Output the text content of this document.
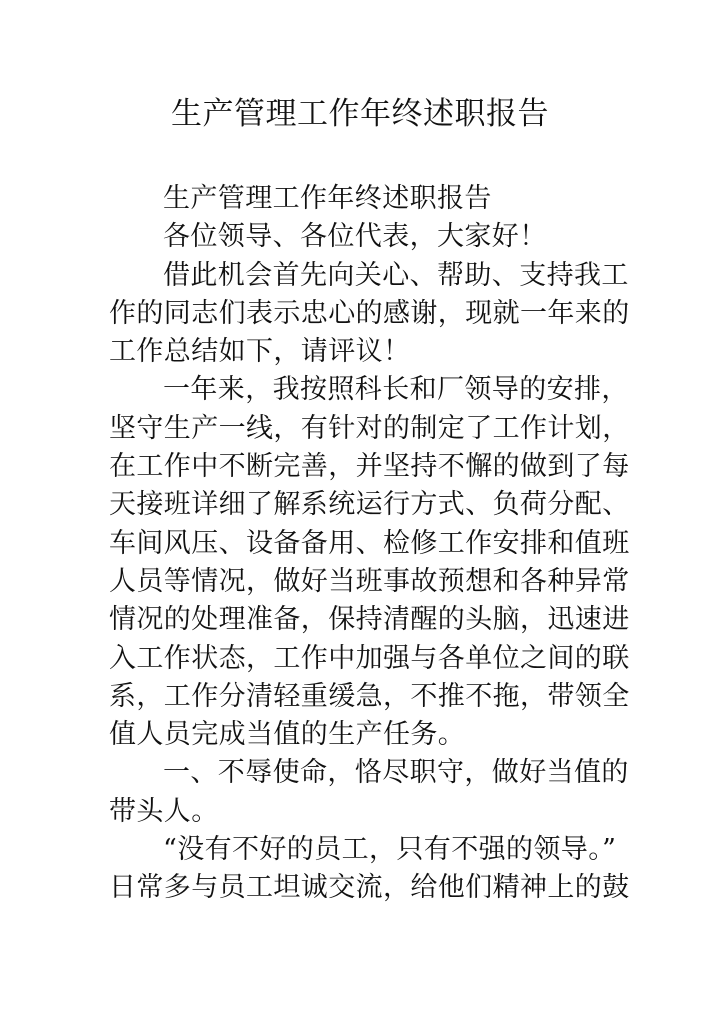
生产管理工作年终述职报告
生产管理工作年终述职报告
各位领导、各位代表，大家好！
借此机会首先向关心、帮助、支持我工
作的同志们表示忠心的感谢，现就一年来的
工作总结如下，请评议！
一年来，我按照科长和厂领导的安排，
坚守生产一线，有针对的制定了工作计划，
在工作中不断完善，并坚持不懈的做到了每
天接班详细了解系统运行方式、负荷分配、
车间风压、设备备用、检修工作安排和值班
人员等情况，做好当班事故预想和各种异常
情况的处理准备，保持清醒的头脑，迅速进
入工作状态，工作中加强与各单位之间的联
系，工作分清轻重缓急，不推不拖，带领全
值人员完成当值的生产任务。
一、不辱使命，恪尽职守，做好当值的
带头人。
“没有不好的员工，只有不强的领导。”
日常多与员工坦诚交流，给他们精神上的鼓
